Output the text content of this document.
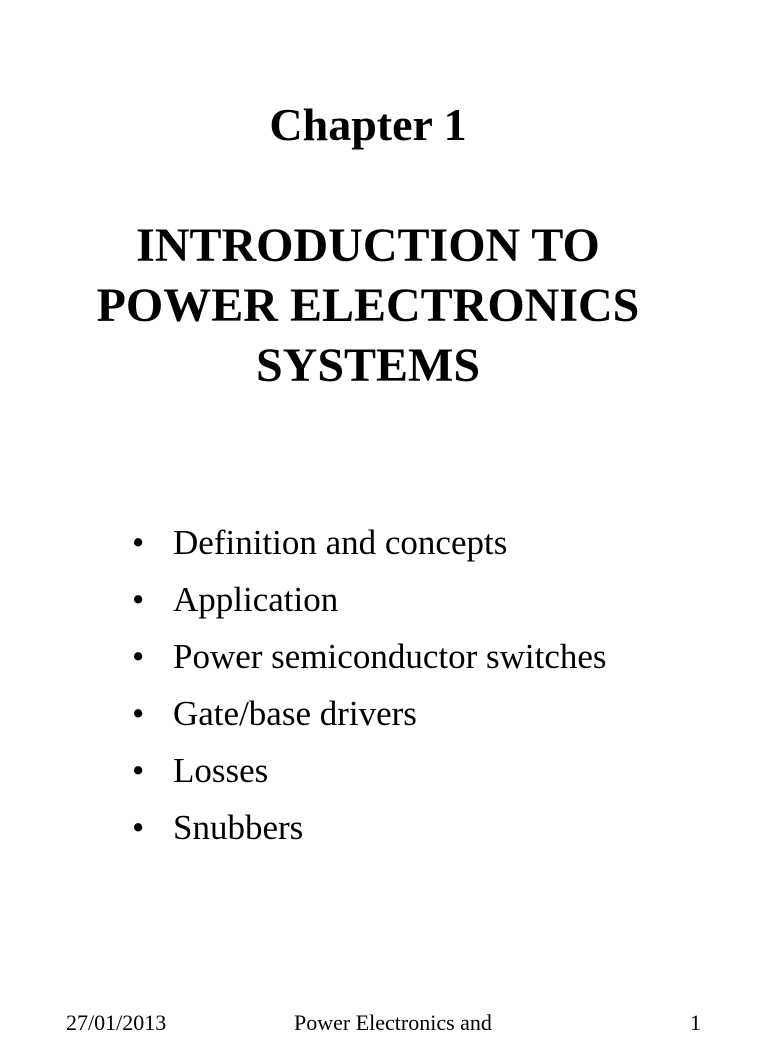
Chapter 1
INTRODUCTION TO
POWER ELECTRONICS
SYSTEMS
• Definition and concepts
• Application
• Power semiconductor switches
• Gate/base drivers
• Losses
• Snubbers
27/01/2013	Power Electronics and	1
